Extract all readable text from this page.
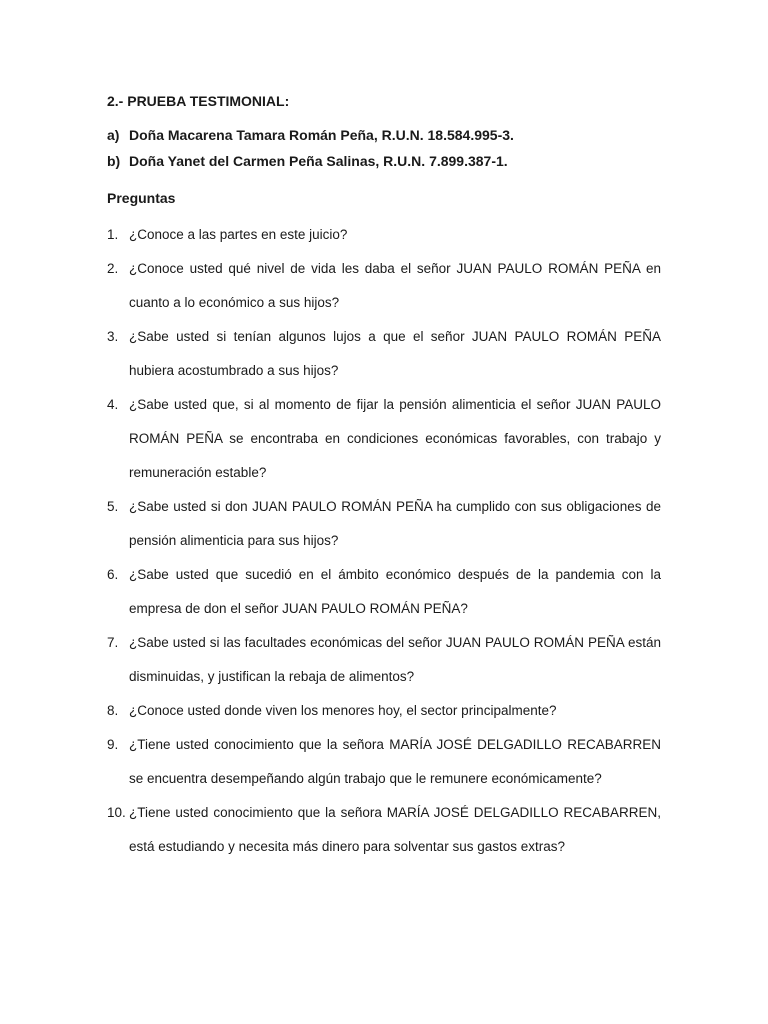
2.- PRUEBA TESTIMONIAL:
a) Doña Macarena Tamara Román Peña, R.U.N. 18.584.995-3.
b) Doña Yanet del Carmen Peña Salinas, R.U.N. 7.899.387-1.
Preguntas
1. ¿Conoce a las partes en este juicio?
2. ¿Conoce usted qué nivel de vida les daba el señor JUAN PAULO ROMÁN PEÑA en cuanto a lo económico a sus hijos?
3. ¿Sabe usted si tenían algunos lujos a que el señor JUAN PAULO ROMÁN PEÑA hubiera acostumbrado a sus hijos?
4. ¿Sabe usted que, si al momento de fijar la pensión alimenticia el señor JUAN PAULO ROMÁN PEÑA se encontraba en condiciones económicas favorables, con trabajo y remuneración estable?
5. ¿Sabe usted si don JUAN PAULO ROMÁN PEÑA ha cumplido con sus obligaciones de pensión alimenticia para sus hijos?
6. ¿Sabe usted que sucedió en el ámbito económico después de la pandemia con la empresa de don el señor JUAN PAULO ROMÁN PEÑA?
7. ¿Sabe usted si las facultades económicas del señor JUAN PAULO ROMÁN PEÑA están disminuidas, y justifican la rebaja de alimentos?
8. ¿Conoce usted donde viven los menores hoy, el sector principalmente?
9. ¿Tiene usted conocimiento que la señora MARÍA JOSÉ DELGADILLO RECABARREN se encuentra desempeñando algún trabajo que le remunere económicamente?
10. ¿Tiene usted conocimiento que la señora MARÍA JOSÉ DELGADILLO RECABARREN, está estudiando y necesita más dinero para solventar sus gastos extras?
